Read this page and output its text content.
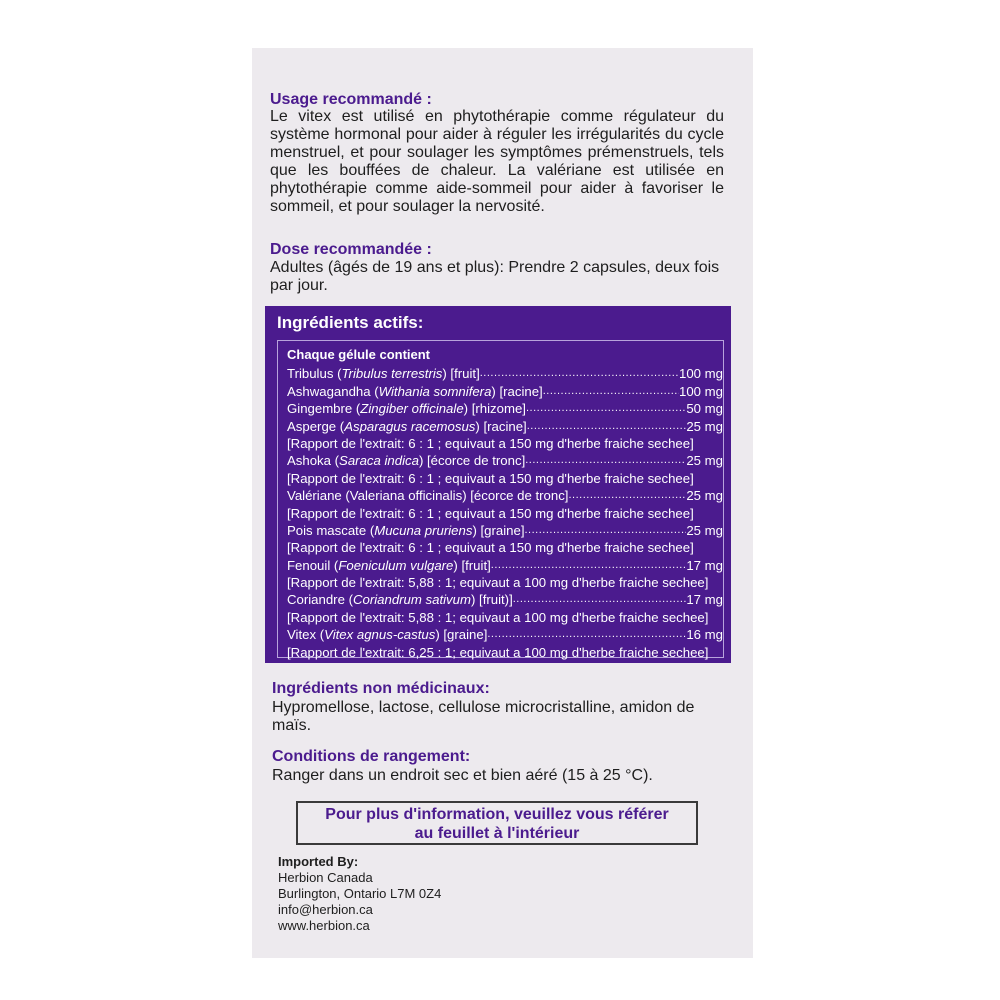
Usage recommandé :
Le vitex est utilisé en phytothérapie comme régulateur du système hormonal pour aider à réguler les irrégularités du cycle menstruel, et pour soulager les symptômes prémenstruels, tels que les bouffées de chaleur. La valériane est utilisée en phytothérapie comme aide-sommeil pour aider à favoriser le sommeil, et pour soulager la nervosité.
Dose recommandée :
Adultes (âgés de 19 ans et plus): Prendre 2 capsules, deux fois par jour.
Ingrédients actifs:
Chaque gélule contient
Tribulus (Tribulus terrestris) [fruit] .....	100 mg
Ashwagandha (Withania somnifera) [racine] .....	100 mg
Gingembre (Zingiber officinale) [rhizome] .....	50 mg
Asperge (Asparagus racemosus) [racine] .....	25 mg
[Rapport de l'extrait: 6 : 1 ; equivaut a 150 mg d'herbe fraiche sechee]
Ashoka (Saraca indica) [écorce de tronc] .....	25 mg
[Rapport de l'extrait: 6 : 1 ; equivaut a 150 mg d'herbe fraiche sechee]
Valériane (Valeriana officinalis) [écorce de tronc] .....	25 mg
[Rapport de l'extrait: 6 : 1 ; equivaut a 150 mg d'herbe fraiche sechee]
Pois mascate (Mucuna pruriens) [graine] .....	25 mg
[Rapport de l'extrait: 6 : 1 ; equivaut a 150 mg d'herbe fraiche sechee]
Fenouil (Foeniculum vulgare) [fruit] .....	17 mg
[Rapport de l'extrait: 5,88 : 1; equivaut a 100 mg d'herbe fraiche sechee]
Coriandre (Coriandrum sativum) [fruit)] .....	17 mg
[Rapport de l'extrait: 5,88 : 1; equivaut a 100 mg d'herbe fraiche sechee]
Vitex (Vitex agnus-castus) [graine] .....	16 mg
[Rapport de l'extrait: 6,25 : 1; equivaut a 100 mg d'herbe fraiche sechee]
Ingrédients non médicinaux:
Hypromellose, lactose, cellulose microcristalline, amidon de maïs.
Conditions de rangement:
Ranger dans un endroit sec et bien aéré (15 à 25 °C).
Pour plus d'information, veuillez vous référer
au feuillet à l'intérieur
Imported By:
Herbion Canada
Burlington, Ontario L7M 0Z4
info@herbion.ca
www.herbion.ca
